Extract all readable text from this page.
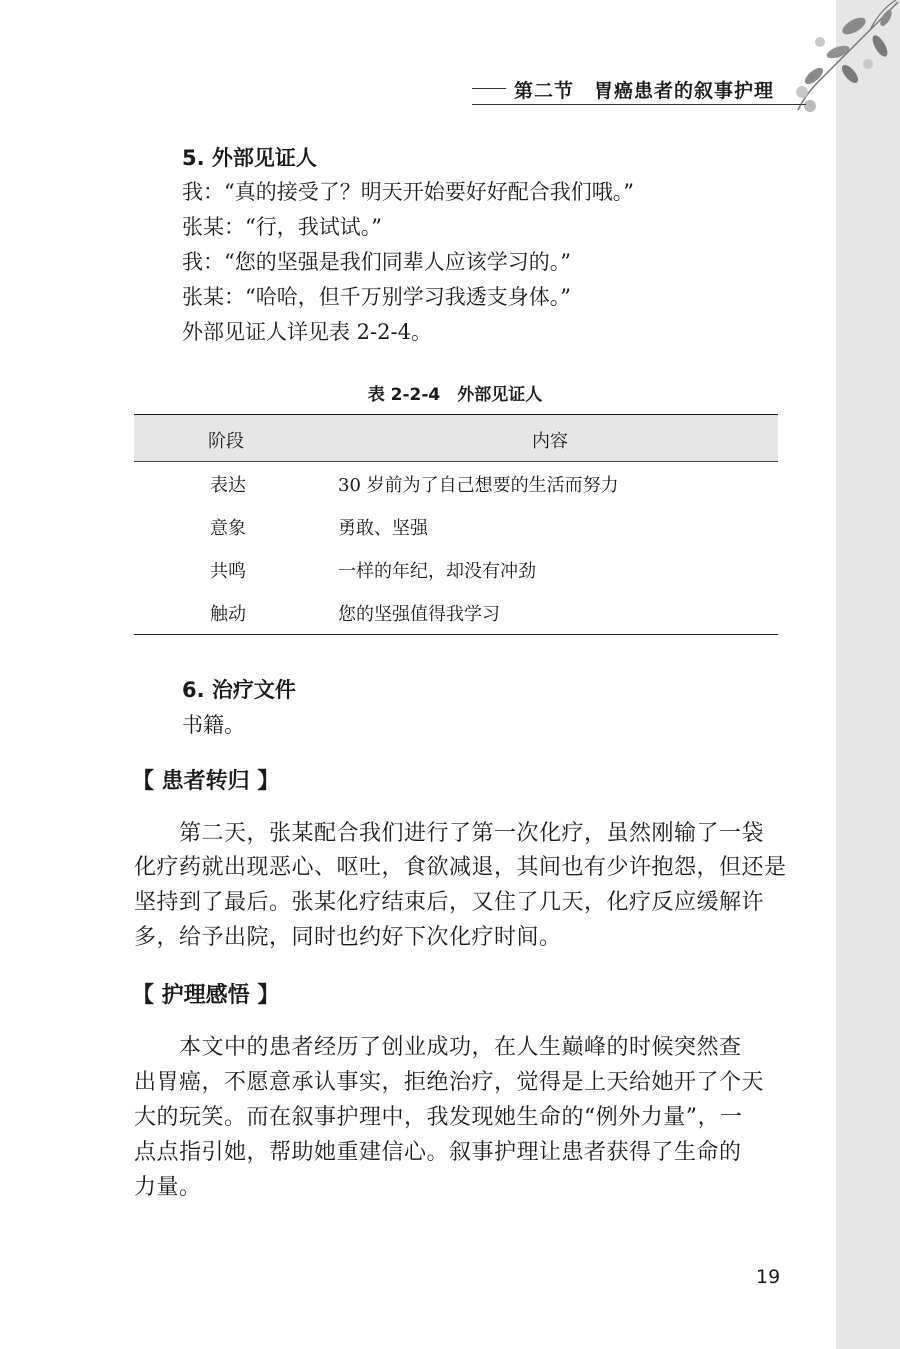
第二节　胃癌患者的叙事护理
5. 外部见证人
我：“真的接受了？明天开始要好好配合我们哦。”
张某：“行，我试试。”
我：“您的坚强是我们同辈人应该学习的。”
张某：“哈哈，但千万别学习我透支身体。”
外部见证人详见表 2-2-4。
表 2-2-4　外部见证人
阶段	内容
表达	30 岁前为了自己想要的生活而努力
意象	勇敢、坚强
共鸣	一样的年纪，却没有冲劲
触动	您的坚强值得我学习
6. 治疗文件
书籍。
【 患者转归 】
　　第二天，张某配合我们进行了第一次化疗，虽然刚输了一袋
化疗药就出现恶心、呕吐，食欲减退，其间也有少许抱怨，但还是
坚持到了最后。张某化疗结束后，又住了几天，化疗反应缓解许
多，给予出院，同时也约好下次化疗时间。
【 护理感悟 】
　　本文中的患者经历了创业成功，在人生巅峰的时候突然查
出胃癌，不愿意承认事实，拒绝治疗，觉得是上天给她开了个天
大的玩笑。而在叙事护理中，我发现她生命的“例外力量”，一
点点指引她，帮助她重建信心。叙事护理让患者获得了生命的
力量。
19
